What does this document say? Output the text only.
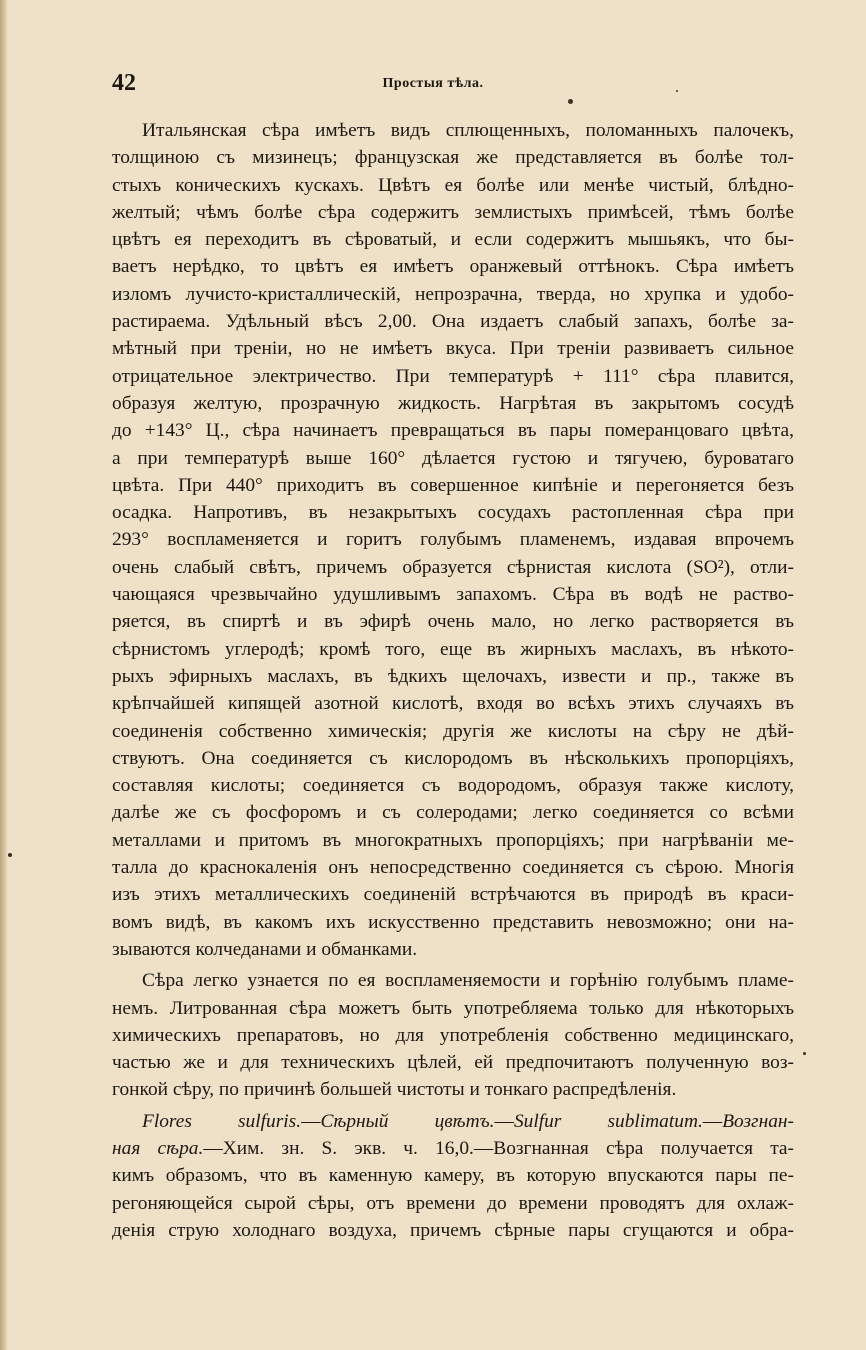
42	Простыя тѣла.
Итальянская сѣра имѣетъ видъ сплющенныхъ, поломанныхъ палочекъ,
толщиною съ мизинецъ; французская же представляется въ болѣе тол-
стыхъ коническихъ кускахъ. Цвѣтъ ея болѣе или менѣе чистый, блѣдно-
желтый; чѣмъ болѣе сѣра содержитъ землистыхъ примѣсей, тѣмъ болѣе
цвѣтъ ея переходитъ въ сѣроватый, и если содержитъ мышьякъ, что бы-
ваетъ нерѣдко, то цвѣтъ ея имѣетъ оранжевый оттѣнокъ. Сѣра имѣетъ
изломъ лучисто-кристаллическій, непрозрачна, тверда, но хрупка и удобо-
растираема. Удѣльный вѣсъ 2,00. Она издаетъ слабый запахъ, болѣе за-
мѣтный при треніи, но не имѣетъ вкуса. При треніи развиваетъ сильное
отрицательное электричество. При температурѣ + 111° сѣра плавится,
образуя желтую, прозрачную жидкость. Нагрѣтая въ закрытомъ сосудѣ
до +143° Ц., сѣра начинаетъ превращаться въ пары померанцоваго цвѣта,
а при температурѣ выше 160° дѣлается густою и тягучею, буроватаго
цвѣта. При 440° приходитъ въ совершенное кипѣніе и перегоняется безъ
осадка. Напротивъ, въ незакрытыхъ сосудахъ растопленная сѣра при
293° воспламеняется и горитъ голубымъ пламенемъ, издавая впрочемъ
очень слабый свѣтъ, причемъ образуется сѣрнистая кислота (SO²), отли-
чающаяся чрезвычайно удушливымъ запахомъ. Сѣра въ водѣ не раство-
ряется, въ спиртѣ и въ эфирѣ очень мало, но легко растворяется въ
сѣрнистомъ углеродѣ; кромѣ того, еще въ жирныхъ маслахъ, въ нѣкото-
рыхъ эфирныхъ маслахъ, въ ѣдкихъ щелочахъ, извести и пр., также въ
крѣпчайшей кипящей азотной кислотѣ, входя во всѣхъ этихъ случаяхъ въ
соединенія собственно химическія; другія же кислоты на сѣру не дѣй-
ствуютъ. Она соединяется съ кислородомъ въ нѣсколькихъ пропорціяхъ,
составляя кислоты; соединяется съ водородомъ, образуя также кислоту,
далѣе же съ фосфоромъ и съ солеродами; легко соединяется со всѣми
металлами и притомъ въ многократныхъ пропорціяхъ; при нагрѣваніи ме-
талла до краснокаленія онъ непосредственно соединяется съ сѣрою. Многія
изъ этихъ металлическихъ соединеній встрѣчаются въ природѣ въ краси-
вомъ видѣ, въ какомъ ихъ искусственно представить невозможно; они на-
зываются колчеданами и обманками.
Сѣра легко узнается по ея воспламеняемости и горѣнію голубымъ пламе-
немъ. Литрованная сѣра можетъ быть употребляема только для нѣкоторыхъ
химическихъ препаратовъ, но для употребленія собственно медицинскаго,
частью же и для техническихъ цѣлей, ей предпочитаютъ полученную воз-
гонкой сѣру, по причинѣ большей чистоты и тонкаго распредѣленія.
Flores sulfuris.—Сѣрный цвѣтъ.—Sulfur sublimatum.—Возгнан-
ная сѣра.—Хим. зн. S. экв. ч. 16,0.—Возгнанная сѣра получается та-
кимъ образомъ, что въ каменную камеру, въ которую впускаются пары пе-
регоняющейся сырой сѣры, отъ времени до времени проводятъ для охлаж-
денія струю холоднаго воздуха, причемъ сѣрные пары сгущаются и обра-
